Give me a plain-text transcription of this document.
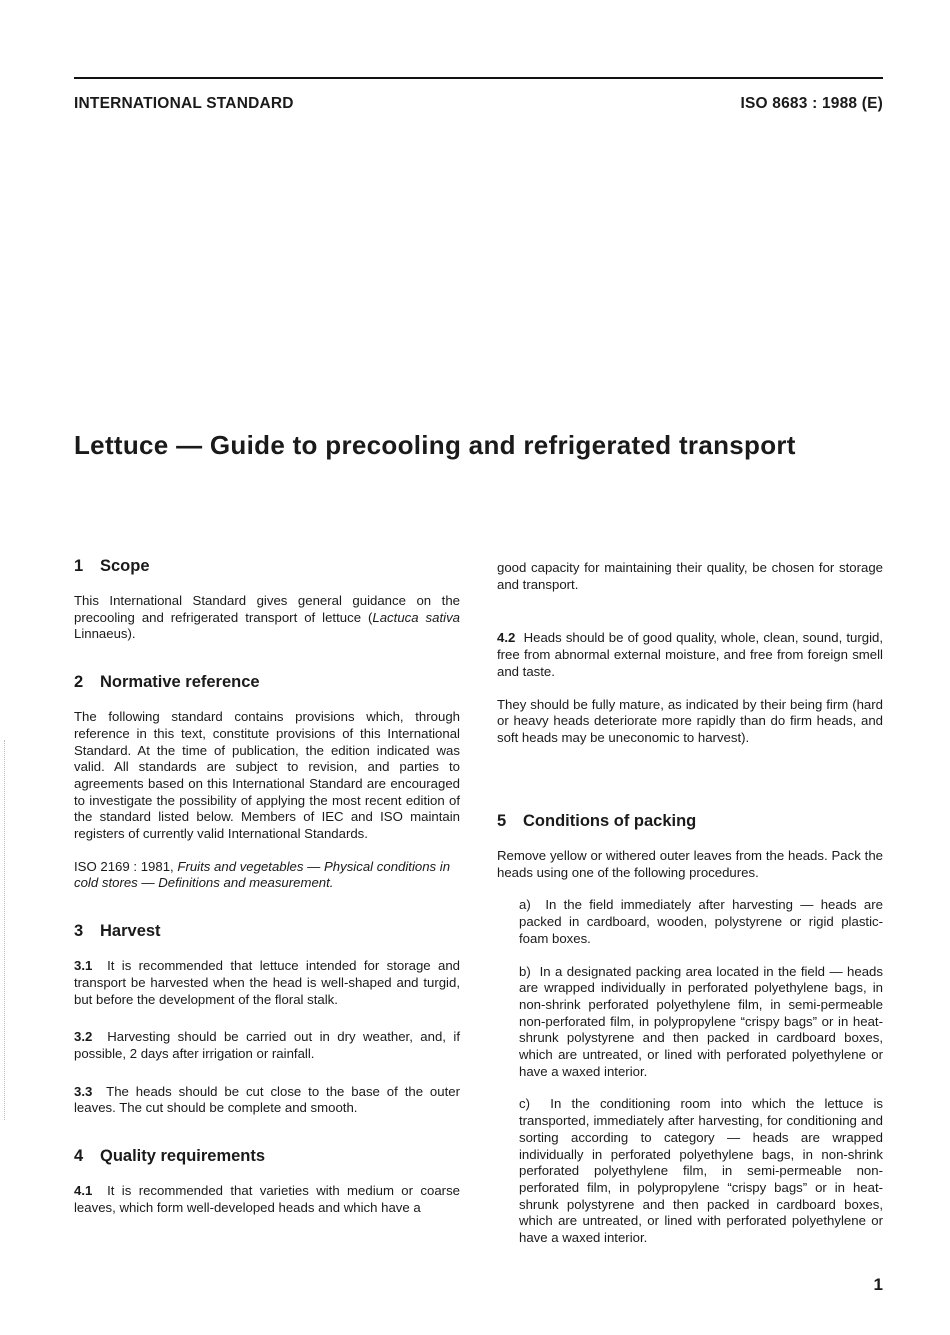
INTERNATIONAL STANDARD	ISO 8683 : 1988 (E)
Lettuce — Guide to precooling and refrigerated transport
1 Scope

This International Standard gives general guidance on the precooling and refrigerated transport of lettuce (Lactuca sativa Linnaeus).

2 Normative reference

The following standard contains provisions which, through reference in this text, constitute provisions of this International Standard. At the time of publication, the edition indicated was valid. All standards are subject to revision, and parties to agreements based on this International Standard are encouraged to investigate the possibility of applying the most recent edition of the standard listed below. Members of IEC and ISO maintain registers of currently valid International Standards.

ISO 2169 : 1981, Fruits and vegetables — Physical conditions in cold stores — Definitions and measurement.

3 Harvest

3.1 It is recommended that lettuce intended for storage and transport be harvested when the head is well-shaped and turgid, but before the development of the floral stalk.

3.2 Harvesting should be carried out in dry weather, and, if possible, 2 days after irrigation or rainfall.

3.3 The heads should be cut close to the base of the outer leaves. The cut should be complete and smooth.

4 Quality requirements

4.1 It is recommended that varieties with medium or coarse leaves, which form well-developed heads and which have a

good capacity for maintaining their quality, be chosen for storage and transport.

4.2 Heads should be of good quality, whole, clean, sound, turgid, free from abnormal external moisture, and free from foreign smell and taste.

They should be fully mature, as indicated by their being firm (hard or heavy heads deteriorate more rapidly than do firm heads, and soft heads may be uneconomic to harvest).

5 Conditions of packing

Remove yellow or withered outer leaves from the heads. Pack the heads using one of the following procedures.

a)  In the field immediately after harvesting — heads are packed in cardboard, wooden, polystyrene or rigid plastic-foam boxes.

b)  In a designated packing area located in the field — heads are wrapped individually in perforated polyethylene bags, in non-shrink perforated polyethylene film, in semi-permeable non-perforated film, in polypropylene “crispy bags” or in heat-shrunk polystyrene and then packed in cardboard boxes, which are untreated, or lined with perforated polyethylene or have a waxed interior.

c)  In the conditioning room into which the lettuce is transported, immediately after harvesting, for conditioning and sorting according to category — heads are wrapped individually in perforated polyethylene bags, in non-shrink perforated polyethylene film, in semi-permeable non-perforated film, in polypropylene “crispy bags” or in heat-shrunk polystyrene and then packed in cardboard boxes, which are untreated, or lined with perforated polyethylene or have a waxed interior.

1
